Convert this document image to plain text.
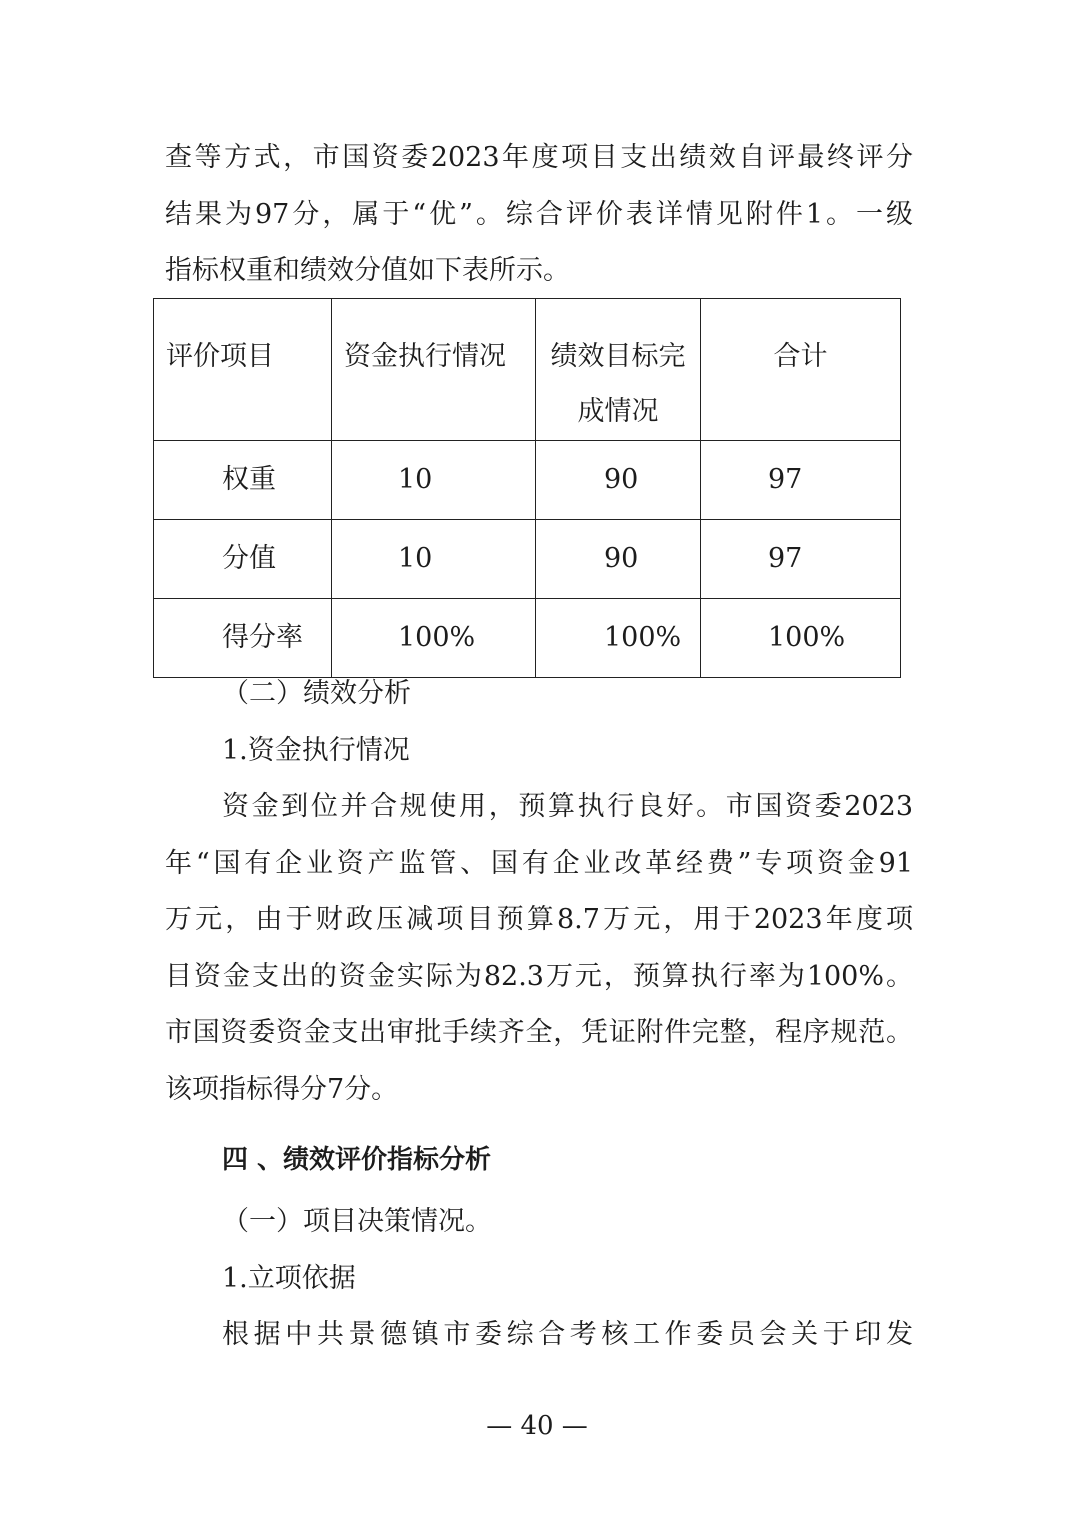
查等方式，市国资委2023年度项目支出绩效自评最终评分

结果为97分，属于“优”。综合评价表详情见附件1。一级

指标权重和绩效分值如下表所示。

评价项目	资金执行情况	绩效目标完
成情况	合计

权重	10	90	97

分值	10	90	97

得分率	100%	100%	100%

（二）绩效分析

1.资金执行情况

资金到位并合规使用，预算执行良好。市国资委2023

年“国有企业资产监管、国有企业改革经费”专项资金91

万元，由于财政压减项目预算8.7万元，用于2023年度项

目资金支出的资金实际为82.3万元，预算执行率为100%。

市国资委资金支出审批手续齐全，凭证附件完整，程序规范。

该项指标得分7分。

四 、绩效评价指标分析

（一）项目决策情况。

1.立项依据

根据中共景德镇市委综合考核工作委员会关于印发

— 40 —
